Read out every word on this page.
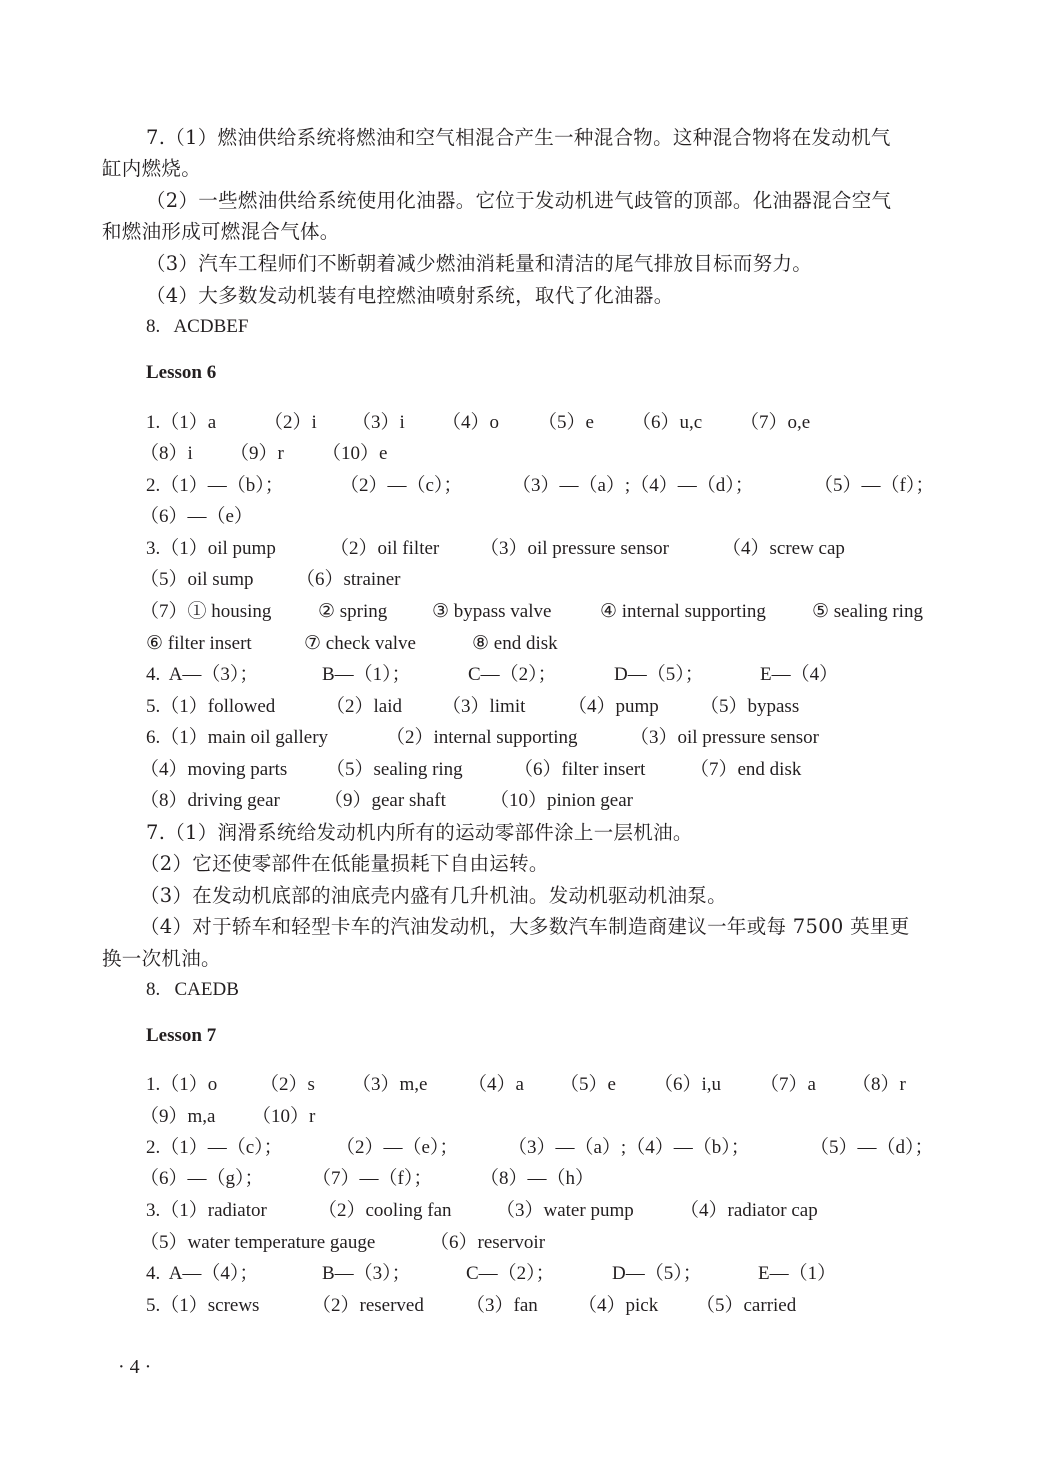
7.（1）燃油供给系统将燃油和空气相混合产生一种混合物。这种混合物将在发动机气
缸内燃烧。
（2）一些燃油供给系统使用化油器。它位于发动机进气歧管的顶部。化油器混合空气
和燃油形成可燃混合气体。
（3）汽车工程师们不断朝着减少燃油消耗量和清洁的尾气排放目标而努力。
（4）大多数发动机装有电控燃油喷射系统，取代了化油器。
8.   ACDBEF
Lesson 6

1.（1）a

	（2）i

（3）i

（4）o

（5）e

（6）u,c

（7）o,e

（8）i

（9）r

（10）e

2.（1）—（b）；

	（2）—（c）；

	（3）—（a）;（4）—（d）；

	（5）—（f）；

（6）—（e）

3.（1）oil pump

	（2）oil filter

（3）oil pressure sensor

	（4）screw cap

（5）oil sump

（6）strainer

（7）① housing

② spring

③ bypass valve

	④ internal supporting

⑤ sealing ring

⑥ filter insert

	⑦ check valve

	⑧ end disk

4.  A—（3）；

	B—（1）；

	C—（2）；

	D—（5）；

	E—（4）

5.（1）followed

	（2）laid

（3）limit

（4）pump

（5）bypass

6.（1）main oil gallery

	（2）internal supporting

	（3）oil pressure sensor

（4）moving parts

（5）sealing ring

	（6）filter insert

（7）end disk

（8）driving gear

（9）gear shaft

（10）pinion gear

7.（1）润滑系统给发动机内所有的运动零部件涂上一层机油。
（2）它还使零部件在低能量损耗下自由运转。
（3）在发动机底部的油底壳内盛有几升机油。发动机驱动机油泵。
（4）对于轿车和轻型卡车的汽油发动机，大多数汽车制造商建议一年或每 7500 英里更
换一次机油。
8.   CAEDB
Lesson 7

1.（1）o

（2）s

（3）m,e

（4）a

（5）e

（6）i,u

（7）a

（8）r

（9）m,a

（10）r

2.（1）—（c）；

	（2）—（e）；

	（3）—（a）;（4）—（b）；

	（5）—（d）；

（6）—（g）；

	（7）—（f）；

	（8）—（h）

3.（1）radiator

	（2）cooling fan

（3）water pump

（4）radiator cap

（5）water temperature gauge

	（6）reservoir

4.  A—（4）；

	B—（3）；

	C—（2）；

	D—（5）；

	E—（1）

5.（1）screws

	（2）reserved

（3）fan

（4）pick

（5）carried

· 4 ·
